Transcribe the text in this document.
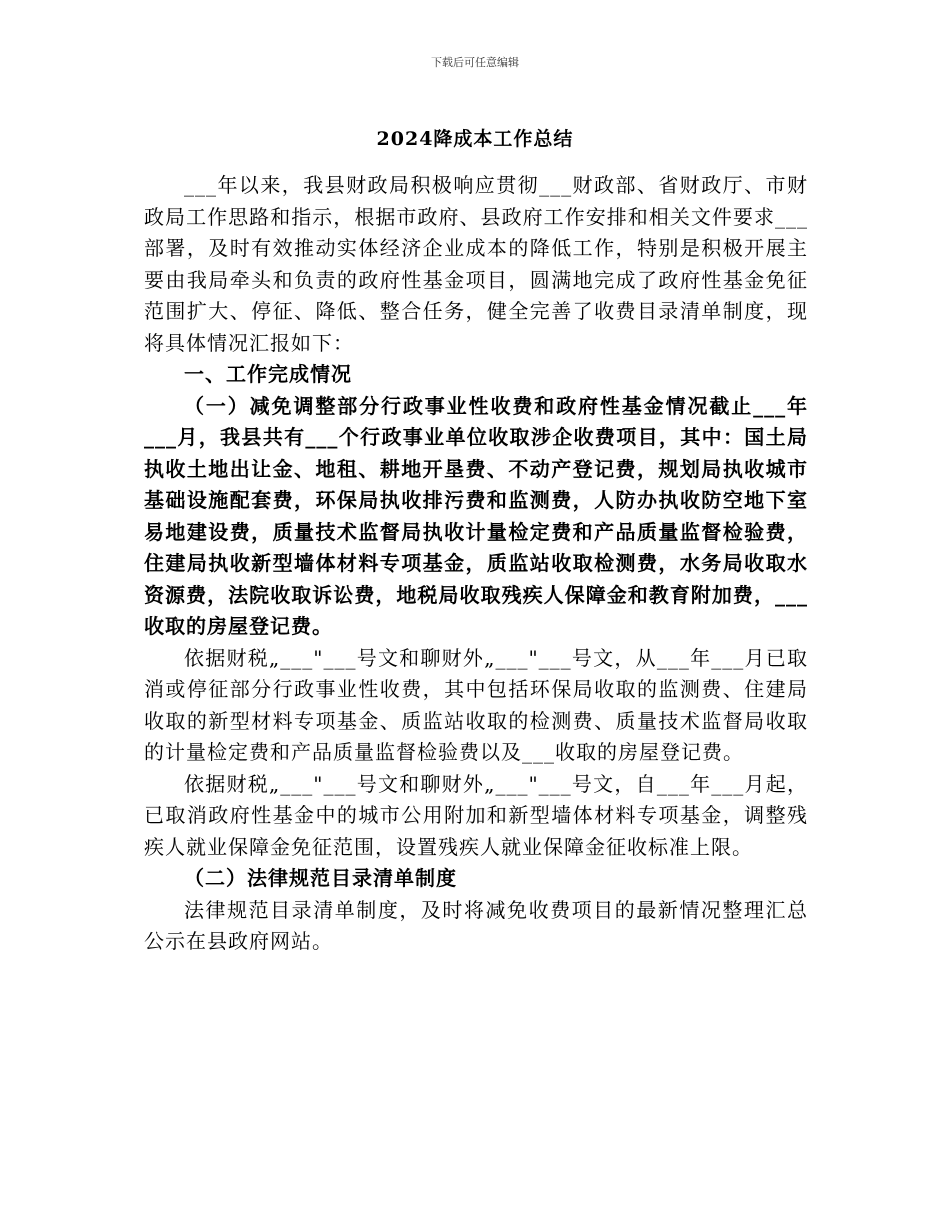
下载后可任意编辑
2024降成本工作总结

___年以来，我县财政局积极响应贯彻___财政部、省财政厅、市财政局工作思路和指示，根据市政府、县政府工作安排和相关文件要求___部署，及时有效推动实体经济企业成本的降低工作，特别是积极开展主要由我局牵头和负责的政府性基金项目，圆满地完成了政府性基金免征范围扩大、停征、降低、整合任务，健全完善了收费目录清单制度，现将具体情况汇报如下：

一、工作完成情况

（一）减免调整部分行政事业性收费和政府性基金情况截止___年___月，我县共有___个行政事业单位收取涉企收费项目，其中：国土局执收土地出让金、地租、耕地开垦费、不动产登记费，规划局执收城市基础设施配套费，环保局执收排污费和监测费，人防办执收防空地下室易地建设费，质量技术监督局执收计量检定费和产品质量监督检验费，住建局执收新型墙体材料专项基金，质监站收取检测费，水务局收取水资源费，法院收取诉讼费，地税局收取残疾人保障金和教育附加费，___收取的房屋登记费。

依据财税„___"___号文和聊财外„___"___号文，从___年___月已取消或停征部分行政事业性收费，其中包括环保局收取的监测费、住建局收取的新型材料专项基金、质监站收取的检测费、质量技术监督局收取的计量检定费和产品质量监督检验费以及___收取的房屋登记费。

依据财税„___"___号文和聊财外„___"___号文，自___年___月起，已取消政府性基金中的城市公用附加和新型墙体材料专项基金，调整残疾人就业保障金免征范围，设置残疾人就业保障金征收标准上限。

（二）法律规范目录清单制度

法律规范目录清单制度，及时将减免收费项目的最新情况整理汇总公示在县政府网站。
